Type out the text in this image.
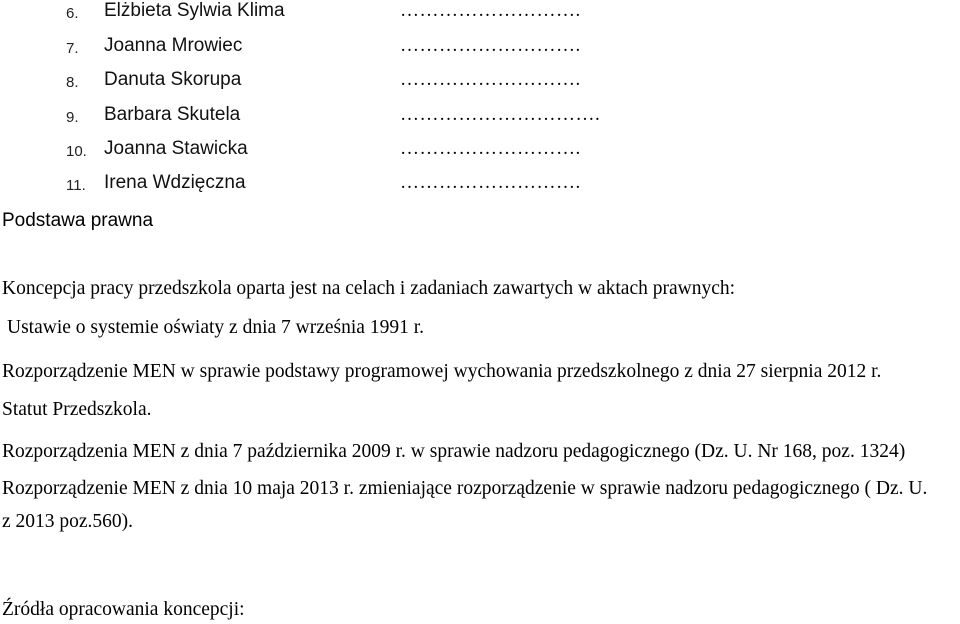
6. Elżbieta Sylwia Klima	……………………….
7. Joanna Mrowiec	……………………….
8. Danuta Skorupa	……………………….
9. Barbara Skutela	………………………….
10. Joanna Stawicka	……………………….
11. Irena Wdzięczna	……………………….
Podstawa prawna
Koncepcja pracy przedszkola oparta jest na celach i zadaniach zawartych w aktach prawnych:
Ustawie o systemie oświaty z dnia 7 września 1991 r.
Rozporządzenie MEN w sprawie podstawy programowej wychowania przedszkolnego z dnia 27 sierpnia 2012 r.
Statut Przedszkola.
Rozporządzenia MEN z dnia 7 października 2009 r. w sprawie nadzoru pedagogicznego (Dz. U. Nr 168, poz. 1324)
Rozporządzenie MEN z dnia 10 maja 2013 r. zmieniające rozporządzenie w sprawie nadzoru pedagogicznego ( Dz. U.
z 2013 poz.560).
Źródła opracowania koncepcji:
